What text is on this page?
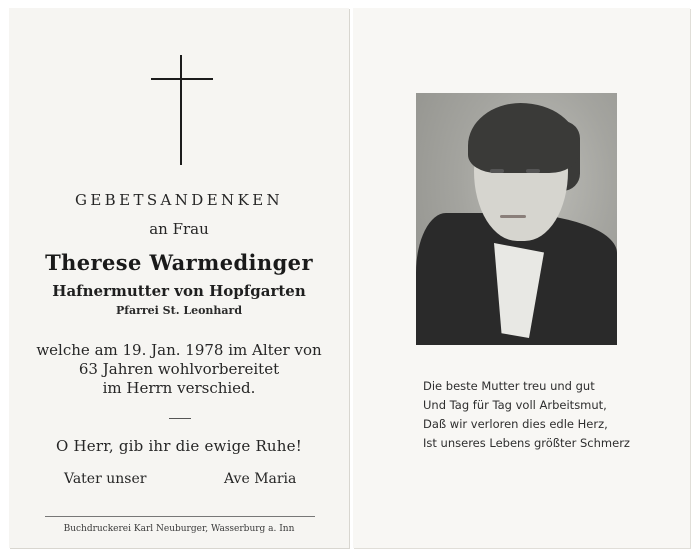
GEBETSANDENKEN
an Frau
Therese Warmedinger
Hafnermutter von Hopfgarten
Pfarrei St. Leonhard
welche am 19. Jan. 1978 im Alter von
63 Jahren wohlvorbereitet
im Herrn verschied.
O Herr, gib ihr die ewige Ruhe!
Vater unser	Ave Maria
Buchdruckerei Karl Neuburger, Wasserburg a. Inn
Die beste Mutter treu und gut
Und Tag für Tag voll Arbeitsmut,
Daß wir verloren dies edle Herz,
Ist unseres Lebens größter Schmerz
